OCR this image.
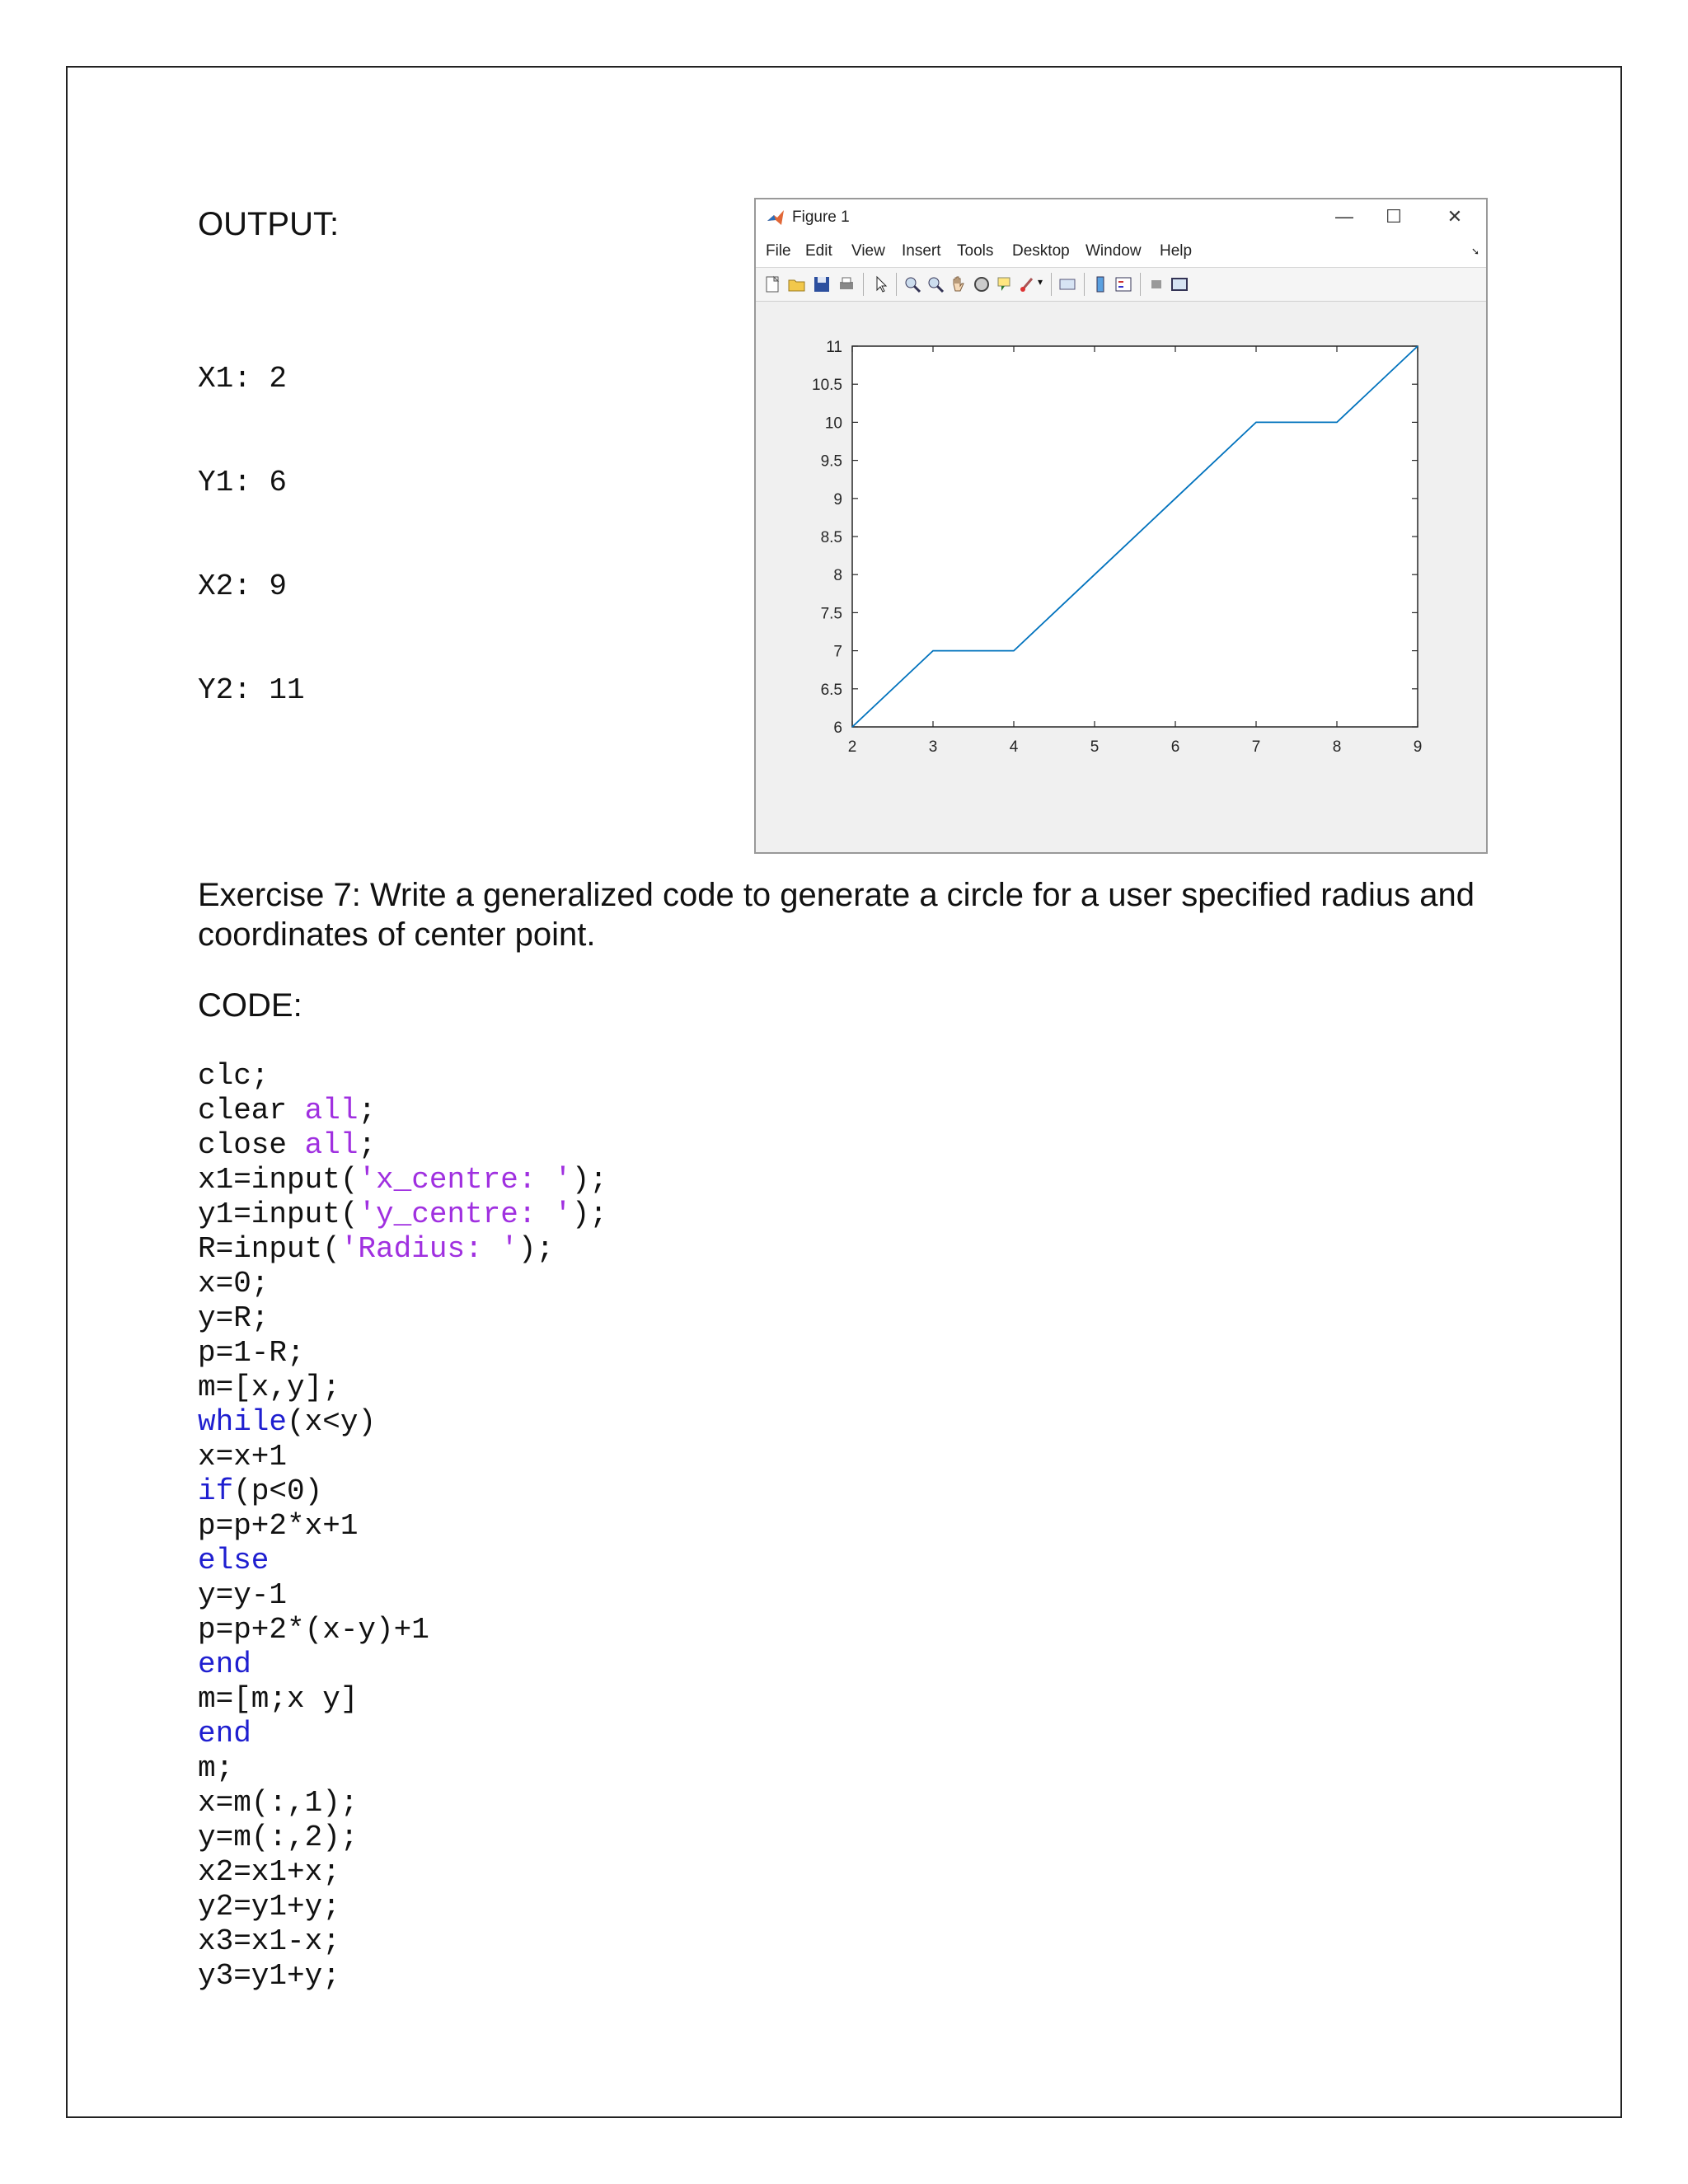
OUTPUT:

X1: 2

Y1: 6

X2: 9

Y2: 11

Figure 1	—	☐	✕
File Edit View Insert Tools Desktop Window Help	➘
▾
2	3	4	5	6	7	8	9
6
6.5
7
7.5
8
8.5
9
9.5
10
10.5
11
Exercise 7: Write a generalized code to generate a circle for a user specified radius and coordinates of center point.
CODE:
clc;
clear all;
close all;
x1=input('x_centre: ');
y1=input('y_centre: ');
R=input('Radius: ');
x=0;
y=R;
p=1-R;
m=[x,y];
while(x<y)
x=x+1
if(p<0)
p=p+2*x+1
else
y=y-1
p=p+2*(x-y)+1
end
m=[m;x y]
end
m;
x=m(:,1);
y=m(:,2);
x2=x1+x;
y2=y1+y;
x3=x1-x;
y3=y1+y;
